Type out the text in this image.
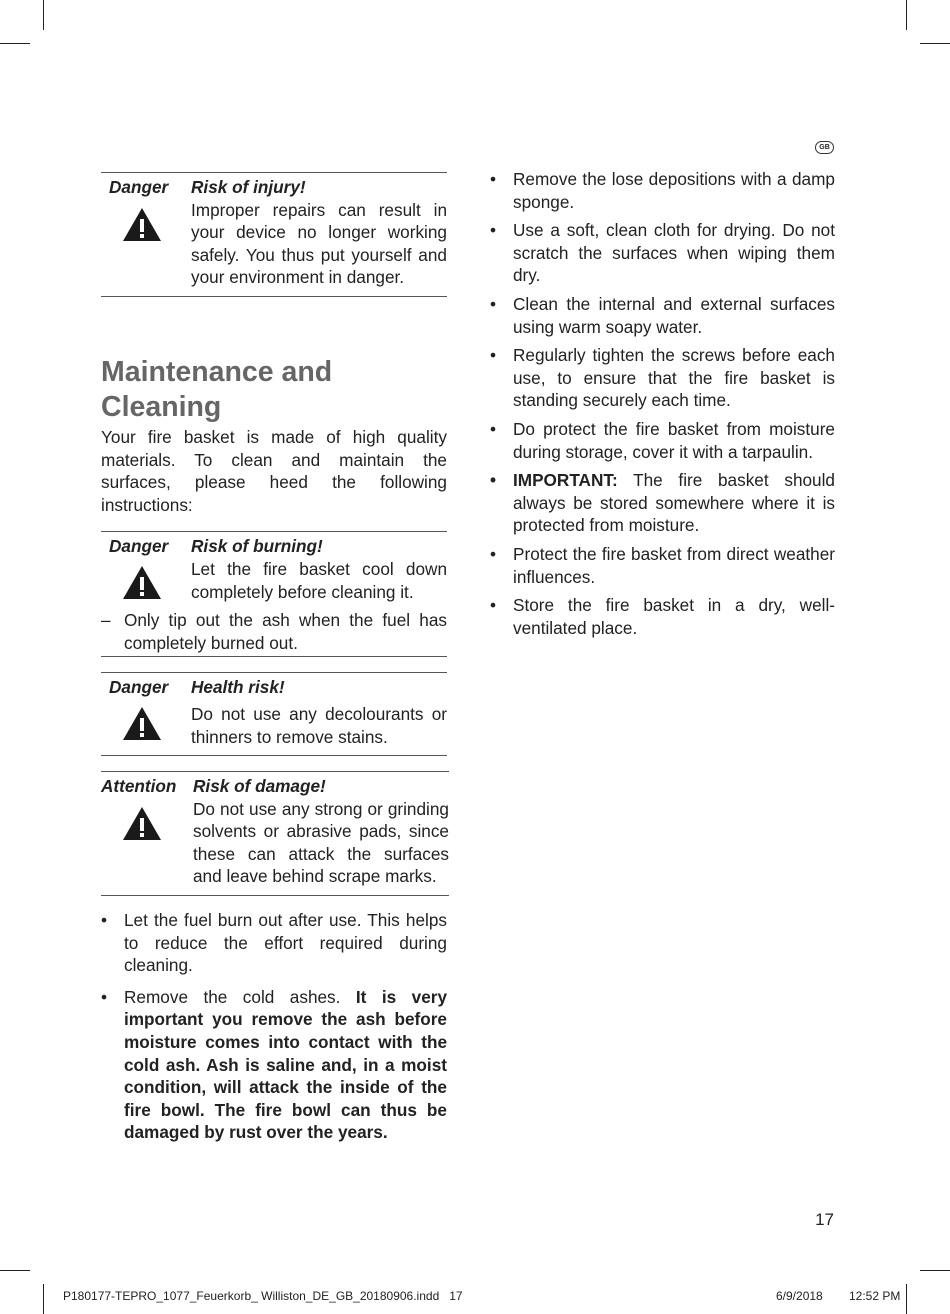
GB
Danger	Risk of injury!
Improper repairs can result in your device no longer working safely. You thus put yourself and your environment in danger.

Maintenance and
Cleaning

Your fire basket is made of high quality materials. To clean and maintain the surfaces, please heed the following instructions:
Danger	Risk of burning!
Let the fire basket cool down completely before cleaning it.
– Only tip out the ash when the fuel has completely burned out.
Danger	Health risk!
Do not use any decolourants or thinners to remove stains.
Attention Risk of damage!
Do not use any strong or grinding solvents or abrasive pads, since these can attack the surfaces and leave behind scrape marks.
• Let the fuel burn out after use. This helps to reduce the effort required during cleaning.
• Remove the cold ashes. It is very important you remove the ash before moisture comes into contact with the cold ash. Ash is saline and, in a moist condition, will attack the inside of the fire bowl. The fire bowl can thus be damaged by rust over the years.
• Remove the lose depositions with a damp sponge.
• Use a soft, clean cloth for drying. Do not scratch the surfaces when wiping them dry.
• Clean the internal and external surfaces using warm soapy water.
• Regularly tighten the screws before each use, to ensure that the fire basket is standing securely each time.
• Do protect the fire basket from moisture during storage, cover it with a tarpaulin.
• IMPORTANT: The fire basket should always be stored somewhere where it is protected from moisture.
• Protect the fire basket from direct weather influences.
• Store the fire basket in a dry, well-ventilated place.
17
P180177-TEPRO_1077_Feuerkorb_ Williston_DE_GB_20180906.indd   17	6/9/2018 12:52 PM
